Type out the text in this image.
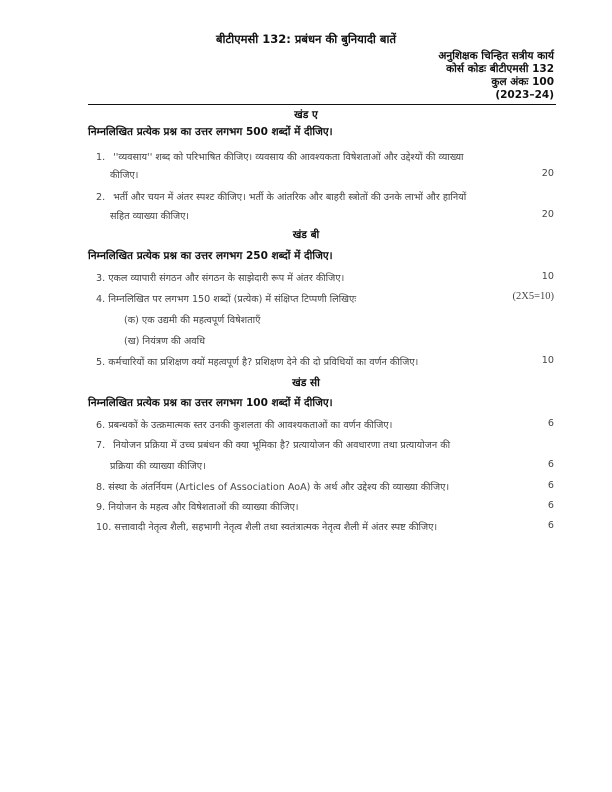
बीटीएमसी 132: प्रबंधन की बुनियादी बातें
अनुशिक्षक चिन्हित सत्रीय कार्य
कोर्स कोडः बीटीएमसी 132
कुल अंकः 100
(2023–24)
खंड ए
निम्नलिखित प्रत्येक प्रश्न का उत्तर लगभग 500 शब्दों में दीजिए।
1. ''व्यवसाय'' शब्द को परिभाषित कीजिए। व्यवसाय की आवश्यकता विषेशताओं और उद्देश्यों की व्याख्या
कीजिए।	20
2. भर्ती और चयन में अंतर स्पश्ट कीजिए। भर्ती के आंतरिक और बाहरी स्त्रोतों की उनके लाभों और हानियों
सहित व्याख्या कीजिए।	20
खंड बी
निम्नलिखित प्रत्येक प्रश्न का उत्तर लगभग 250 शब्दों में दीजिए।
3. एकल व्यापारी संगठन और संगठन के साझेदारी रूप में अंतर कीजिए।	10
4. निम्नलिखित पर लगभग 150 शब्दों (प्रत्येक) में संक्षिप्त टिप्पणी लिखिएः	(2X5=10)
(क) एक उद्यमी की महत्वपूर्ण विषेशताएँ
(ख) नियंत्रण की अवधि
5. कर्मचारियों का प्रशिक्षण क्यों महत्वपूर्ण है? प्रशिक्षण देने की दो प्रविधियों का वर्णन कीजिए।	10
खंड सी
निम्नलिखित प्रत्येक प्रश्न का उत्तर लगभग 100 शब्दों में दीजिए।
6. प्रबन्धकों के उत्क्रमात्मक स्तर उनकी कुशलता की आवश्यकताओं का वर्णन कीजिए।	6
7. नियोजन प्रक्रिया में उच्च प्रबंधन की क्या भूमिका है? प्रत्यायोजन की अवधारणा तथा प्रत्यायोजन की
प्रक्रिया की व्याख्या कीजिए।	6
8. संस्था के अंतर्नियम (Articles of Association AoA) के अर्थ और उद्देश्य की व्याख्या कीजिए।	6
9. नियोजन के महत्व और विषेशताओं की व्याख्या कीजिए।	6
10. सत्तावादी नेतृत्व शैली, सहभागी नेतृत्व शैली तथा स्वतंत्रात्मक नेतृत्व शैली में अंतर स्पष्ट कीजिए।	6
